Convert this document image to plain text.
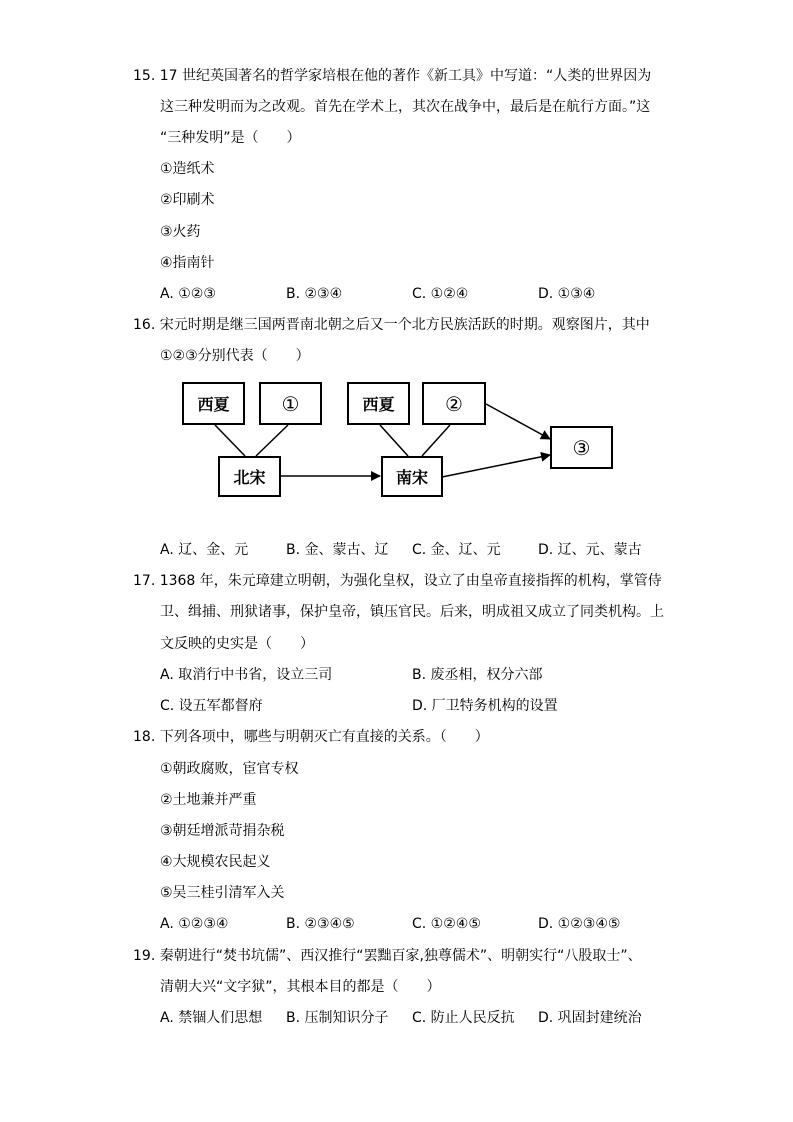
15. 17 世纪英国著名的哲学家培根在他的著作《新工具》中写道：“人类的世界因为
这三种发明而为之改观。首先在学术上，其次在战争中，最后是在航行方面。”这
“三种发明”是（　　）
①造纸术
②印刷术
③火药
④指南针
A. ①②③	B. ②③④	C. ①②④	D. ①③④
16. 宋元时期是继三国两晋南北朝之后又一个北方民族活跃的时期。观察图片，其中
①②③分别代表（　　）
西夏	①
北宋
西夏	②
南宋
③
A. 辽、金、元	B. 金、蒙古、辽 C. 金、辽、元	D. 辽、元、蒙古
17. 1368 年，朱元璋建立明朝，为强化皇权，设立了由皇帝直接指挥的机构，掌管侍
卫、缉捕、刑狱诸事，保护皇帝，镇压官民。后来，明成祖又成立了同类机构。上
文反映的史实是（　　）
A. 取消行中书省，设立三司	B. 废丞相，权分六部
C. 设五军都督府	D. 厂卫特务机构的设置
18. 下列各项中，哪些与明朝灭亡有直接的关系。（　　）
①朝政腐败，宦官专权
②土地兼并严重
③朝廷增派苛捐杂税
④大规模农民起义
⑤吴三桂引清军入关
A. ①②③④	B. ②③④⑤	C. ①②④⑤	D. ①②③④⑤
19. 秦朝进行“焚书坑儒”、西汉推行“罢黜百家,独尊儒术”、明朝实行“八股取士”、
清朝大兴“文字狱”，其根本目的都是（　　）
A. 禁锢人们思想 B. 压制知识分子 C. 防止人民反抗 D. 巩固封建统治
